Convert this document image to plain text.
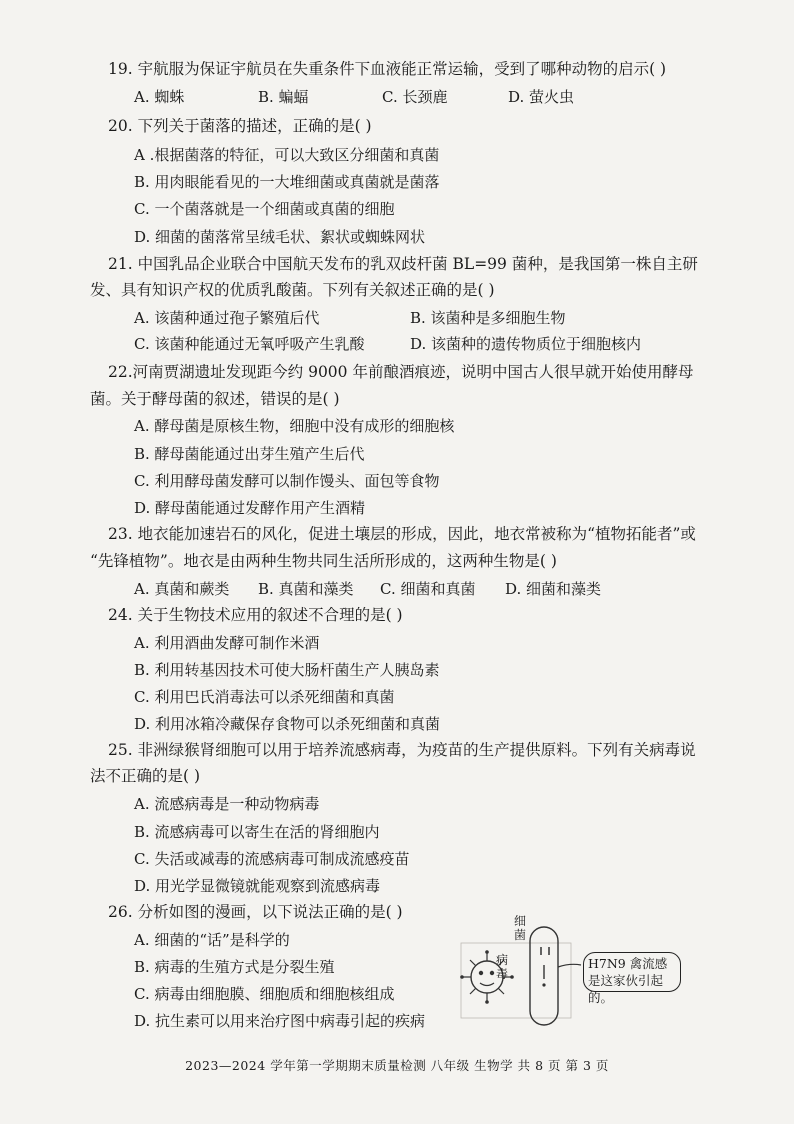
19. 宇航服为保证宇航员在失重条件下血液能正常运输，受到了哪种动物的启示( )
A. 蜘蛛	B. 蝙蝠	C. 长颈鹿	D. 萤火虫
20. 下列关于菌落的描述，正确的是( )
A .根据菌落的特征，可以大致区分细菌和真菌
B. 用肉眼能看见的一大堆细菌或真菌就是菌落
C. 一个菌落就是一个细菌或真菌的细胞
D. 细菌的菌落常呈绒毛状、絮状或蜘蛛网状
21. 中国乳品企业联合中国航天发布的乳双歧杆菌 BL=99 菌种，是我国第一株自主研
发、具有知识产权的优质乳酸菌。下列有关叙述正确的是( )
A. 该菌种通过孢子繁殖后代	B. 该菌种是多细胞生物
C. 该菌种能通过无氧呼吸产生乳酸	D. 该菌种的遗传物质位于细胞核内
22.河南贾湖遗址发现距今约 9000 年前酿酒痕迹，说明中国古人很早就开始使用酵母
菌。关于酵母菌的叙述，错误的是( )
A. 酵母菌是原核生物，细胞中没有成形的细胞核
B. 酵母菌能通过出芽生殖产生后代
C. 利用酵母菌发酵可以制作馒头、面包等食物
D. 酵母菌能通过发酵作用产生酒精
23. 地衣能加速岩石的风化，促进土壤层的形成，因此，地衣常被称为“植物拓能者”或
“先锋植物”。地衣是由两种生物共同生活所形成的，这两种生物是( )
A. 真菌和蕨类 B. 真菌和藻类 C. 细菌和真菌 D. 细菌和藻类
24. 关于生物技术应用的叙述不合理的是( )
A. 利用酒曲发酵可制作米酒
B. 利用转基因技术可使大肠杆菌生产人胰岛素
C. 利用巴氏消毒法可以杀死细菌和真菌
D. 利用冰箱冷藏保存食物可以杀死细菌和真菌
25. 非洲绿猴肾细胞可以用于培养流感病毒，为疫苗的生产提供原料。下列有关病毒说
法不正确的是( )
A. 流感病毒是一种动物病毒
B. 流感病毒可以寄生在活的肾细胞内
C. 失活或减毒的流感病毒可制成流感疫苗
D. 用光学显微镜就能观察到流感病毒
26. 分析如图的漫画，以下说法正确的是( )
A. 细菌的“话”是科学的
B. 病毒的生殖方式是分裂生殖
C. 病毒由细胞膜、细胞质和细胞核组成
D. 抗生素可以用来治疗图中病毒引起的疾病
细菌
病毒
H7N9 禽流感是这家伙引起的。
2023—2024 学年第一学期期末质量检测 八年级 生物学 共 8 页 第 3 页
